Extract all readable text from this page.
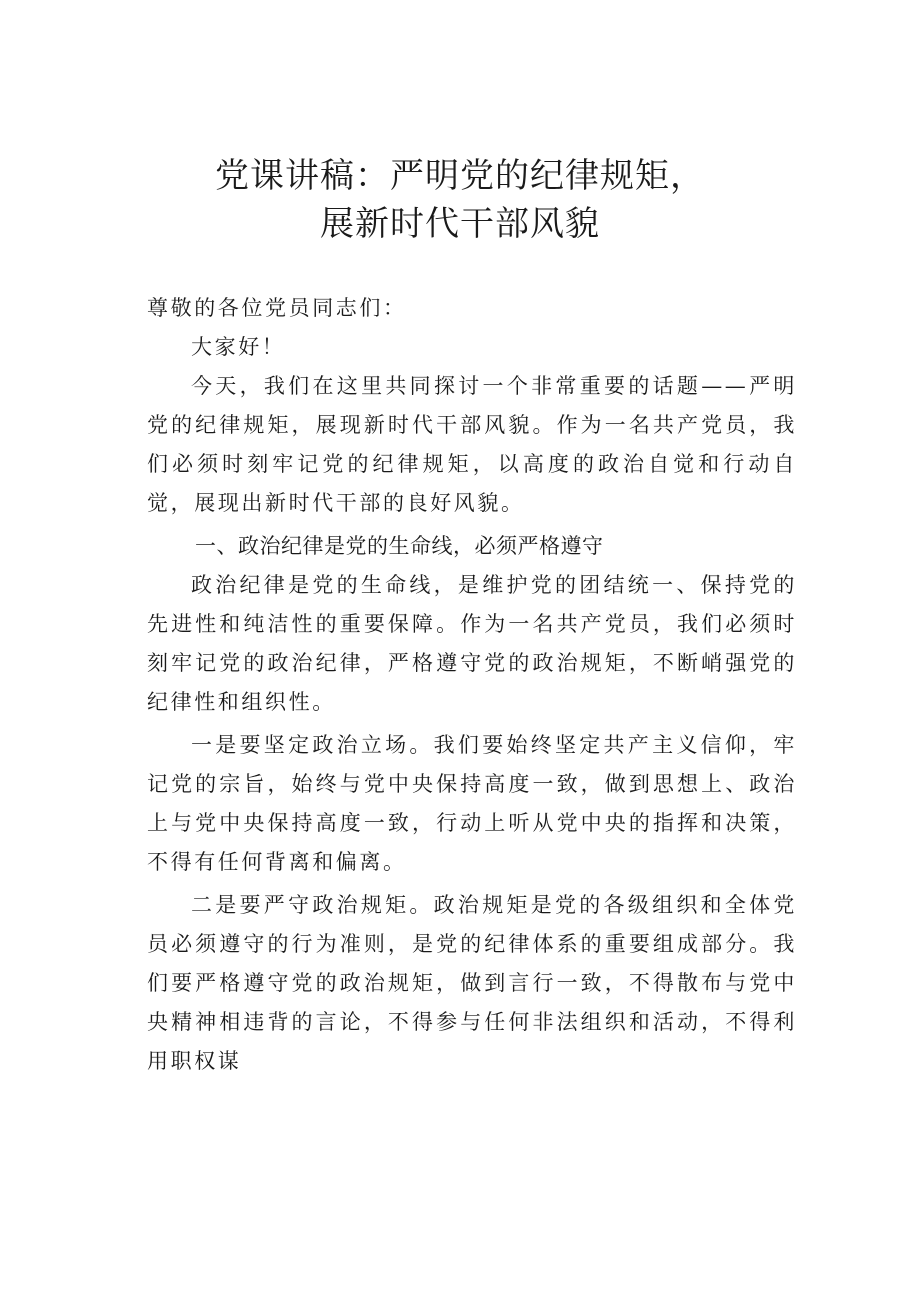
党课讲稿：严明党的纪律规矩，
展新时代干部风貌

尊敬的各位党员同志们：

大家好！

今天，我们在这里共同探讨一个非常重要的话题——严明党的纪律规矩，展现新时代干部风貌。作为一名共产党员，我们必须时刻牢记党的纪律规矩，以高度的政治自觉和行动自觉，展现出新时代干部的良好风貌。

一、政治纪律是党的生命线，必须严格遵守

政治纪律是党的生命线，是维护党的团结统一、保持党的先进性和纯洁性的重要保障。作为一名共产党员，我们必须时刻牢记党的政治纪律，严格遵守党的政治规矩，不断峭强党的纪律性和组织性。

一是要坚定政治立场。我们要始终坚定共产主义信仰，牢记党的宗旨，始终与党中央保持高度一致，做到思想上、政治上与党中央保持高度一致，行动上听从党中央的指挥和决策，不得有任何背离和偏离。

二是要严守政治规矩。政治规矩是党的各级组织和全体党员必须遵守的行为准则，是党的纪律体系的重要组成部分。我们要严格遵守党的政治规矩，做到言行一致，不得散布与党中央精神相违背的言论，不得参与任何非法组织和活动，不得利用职权谋
